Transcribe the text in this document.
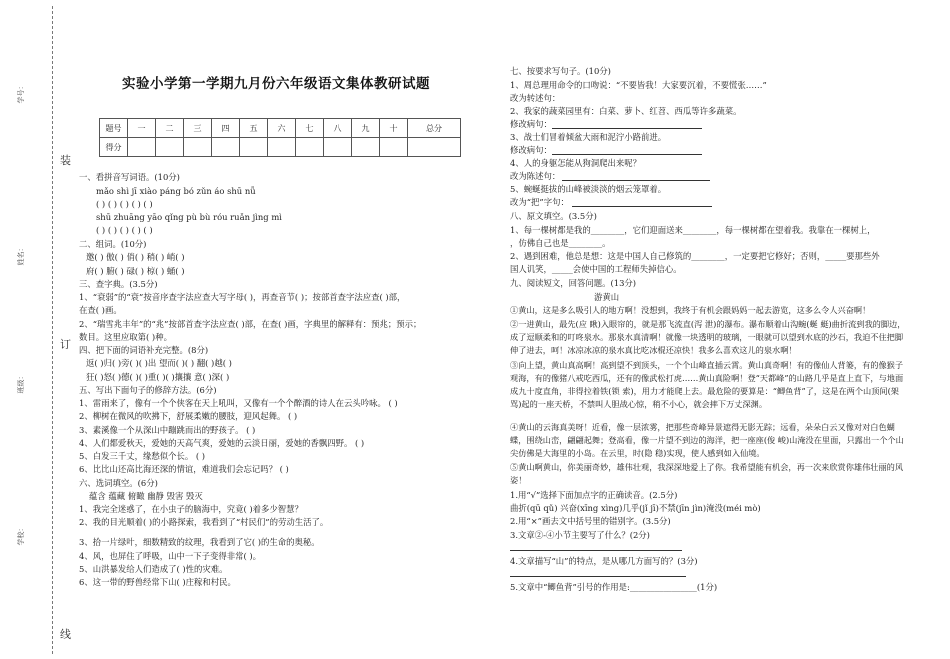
装
订
线
学号：
姓名：
班级：
学校：
实验小学第一学期九月份六年级语文集体教研试题
题号	一	二	三	四	五	六	七	八	九	十	总分
得分											
一、看拼音写词语。(10分)
mǎo shì jī xiào páng bó zǔn áo shū nǚ
( ) ( ) ( ) ( ) ( )
shū zhuāng yāo qǐng pù bù róu ruǎn jìng mì
( ) ( ) ( ) ( ) ( )
二、组词。(10分)
邀( ) 傲( ) 俏( ) 稍( ) 峭( )
府( ) 腑( ) 碌( ) 椋( ) 蛹( )
三、查字典。(3.5分)
1、“衰弱”的“衰”按音序查字法应查大写字母( )，再查音节( )；按部首查字法应查( )部，
在查( )画。
2、“瑞雪兆丰年”的“兆”按部首查字法应查( )部，在查( )画，字典里的解释有：预兆；预示；
数目。这里应取第( )种。
四、把下面的词语补充完整。(8分)
返( )归( )旁( )( )出 望而( )( ) 翻( )越( )
狂( )怒( )德( )( )重( )( )攘攘 意( )深( )
五、写出下面句子的修辞方法。(6分)
1、雷雨来了，像有一个个侠客在天上吼叫，又像有一个个醉酒的诗人在云头吟咏。 ( )
2、柳树在微风的吹拂下，舒展柔嫩的腰肢，迎风起舞。 ( )
3、素溪像一个从深山中蹦跳而出的野孩子。 ( )
4、人们都爱秋天，爱她的天高气爽，爱她的云淡日丽，爱她的香飘四野。 ( )
5、白发三千丈，缘愁似个长。 ( )
6、比比山还高比海还深的情谊，难道我们会忘记吗？ ( )
六、选词填空。(6分)
蕴含 蕴藏 俯瞰 幽静 毁害 毁灭
1、我完全迷惑了，在小虫子的脑海中，究竟( )着多少智慧？
2、我的目光顺着( )的小路探索，我看到了“村民们”的劳动生活了。
3、拾一片绿叶，细数精致的纹理，我看到了它( )的生命的奥秘。
4、风，也屏住了呼吸，山中一下子变得非常( )。
5、山洪暴发给人们造成了( )性的灾难。
6、这一带的野兽经常下山( )庄稼和村民。
七、按要求写句子。(10分)
1、周总理用命令的口吻说：“不要皆我！大家要沉着，不要慌张……”
改为转述句：
2、我家的蔬菜园里有：白菜、萝卜、红苕、西瓜等许多蔬菜。
修改病句：
3、战士们冒着倾盆大雨和泥泞小路前进。
修改病句：
4、人的身躯怎能从狗洞爬出来呢？
改为陈述句：
5、蜿蜒挺拔的山峰被淡淡的烟云笼罩着。
改为“把”字句：
八、原文填空。(3.5分)
1、每一棵树都是我的________，它们迎面送来________，每一棵树都在望着我。我靠在一棵树上，
，仿佛自己也是________。
2、遇到困难，他总是想：这是中国人自己修筑的________，一定要把它修好；否则，_____要那些外
国人讥笑，_____会使中国的工程师失掉信心。
九、阅读短文，回答问题。(13分)
游黄山
①黄山，这是多么吸引人的地方啊！没想到，我终于有机会跟妈妈一起去游览，这多么令人兴奋啊！
②一进黄山，最先(应 瞅)入眼帘的，就是那飞流直(泻 泄)的瀑布。瀑布顺着山沟蜿(蜒 蜓)曲折流到我的脚边，成了逗顺柔和的叮咚泉水。那泉水真清啊！就像一块透明的玻璃，一眼就可以望到水底的沙石，我迫不住把脚伸了进去，呵！冰凉冰凉的泉水真比吃冰棍还凉快！我多么喜欢这儿的泉水啊！
③向上望，黄山真高啊！高到望不到顶头，一个个山峰直插云霄。黄山真奇啊！有的像仙人背篓，有的像猴子观海，有的像猪八戒吃西瓜，还有的像武松打虎……黄山真险啊！登“天都峰”的山路几乎是直上直下，与地面成九十度直角，非得拉着铁(锁 索)，用力才能爬上去。最危险的要算是：“鲫鱼背”了，这是在两个山顶间(架 骂)起的一座天桥，不禁叫人胆战心惊，稍不小心，就会摔下万丈深渊。
④黄山的云海真美呀！近看，像一层浓雾，把那些奇峰异景遮得无影无踪；远看，朵朵白云又像对对白色蝴蝶，围绕山峦，翩翩起舞；登高看，像一片望不到边的海洋，把一座座(俊 峻)山淹没在里面，只露出一个个山尖仿佛是大海里的小岛。在云里，时(隐 稳)实现，使人感到如入仙境。
⑤黄山啊黄山，你美丽奇妙，雄伟壮观，我深深地爱上了你。我希望能有机会，再一次来欣赏你雄伟壮丽的风姿！
1.用“√”选择下面加点字的正确读音。(2.5分)
曲折(qū qǔ) 兴奋(xīng xìng)几乎(jǐ jī)不禁(jīn jìn)淹没(méi mò)
2.用“×”画去文中括号里的错别字。(3.5分)
3.文章②-④小节主要写了什么？(2分)
4.文章描写“山”的特点，是从哪几方面写的？(3分)
5.文章中“鲫鱼背”引号的作用是:________________(1分)
